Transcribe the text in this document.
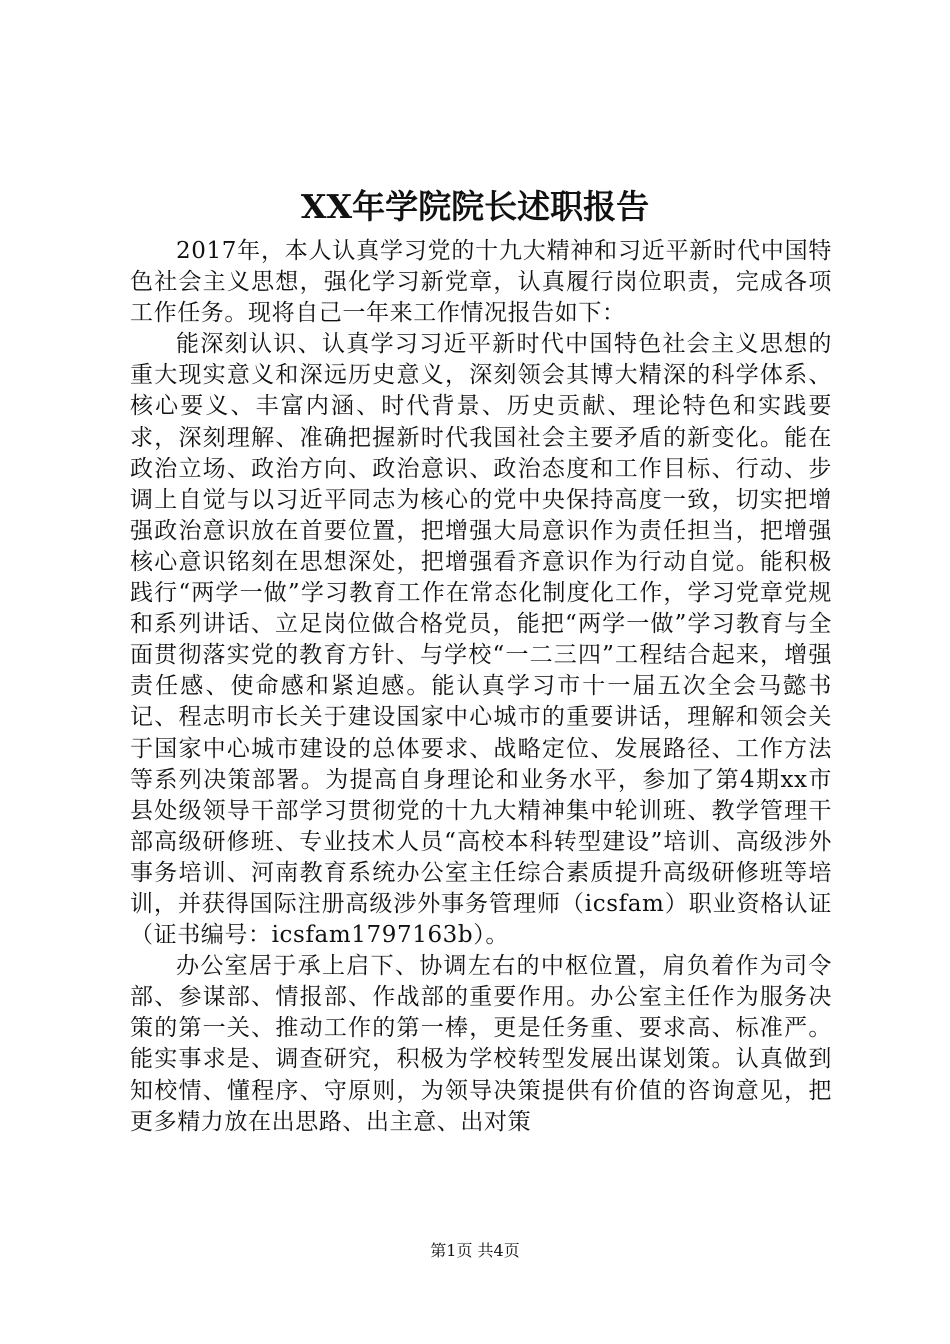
XX年学院院长述职报告

2017年，本人认真学习党的十九大精神和习近平新时代中国特色社会主义思想，强化学习新党章，认真履行岗位职责，完成各项工作任务。现将自己一年来工作情况报告如下：

能深刻认识、认真学习习近平新时代中国特色社会主义思想的重大现实意义和深远历史意义，深刻领会其博大精深的科学体系、核心要义、丰富内涵、时代背景、历史贡献、理论特色和实践要求，深刻理解、准确把握新时代我国社会主要矛盾的新变化。能在政治立场、政治方向、政治意识、政治态度和工作目标、行动、步调上自觉与以习近平同志为核心的党中央保持高度一致，切实把增强政治意识放在首要位置，把增强大局意识作为责任担当，把增强核心意识铭刻在思想深处，把增强看齐意识作为行动自觉。能积极践行“两学一做”学习教育工作在常态化制度化工作，学习党章党规和系列讲话、立足岗位做合格党员，能把“两学一做”学习教育与全面贯彻落实党的教育方针、与学校“一二三四”工程结合起来，增强责任感、使命感和紧迫感。能认真学习市十一届五次全会马懿书记、程志明市长关于建设国家中心城市的重要讲话，理解和领会关于国家中心城市建设的总体要求、战略定位、发展路径、工作方法等系列决策部署。为提高自身理论和业务水平，参加了第4期xx市县处级领导干部学习贯彻党的十九大精神集中轮训班、教学管理干部高级研修班、专业技术人员“高校本科转型建设”培训、高级涉外事务培训、河南教育系统办公室主任综合素质提升高级研修班等培训，并获得国际注册高级涉外事务管理师（icsfam）职业资格认证（证书编号：icsfam1797163b）。

办公室居于承上启下、协调左右的中枢位置，肩负着作为司令部、参谋部、情报部、作战部的重要作用。办公室主任作为服务决策的第一关、推动工作的第一棒，更是任务重、要求高、标准严。能实事求是、调查研究，积极为学校转型发展出谋划策。认真做到知校情、懂程序、守原则，为领导决策提供有价值的咨询意见，把更多精力放在出思路、出主意、出对策

第1页 共4页
